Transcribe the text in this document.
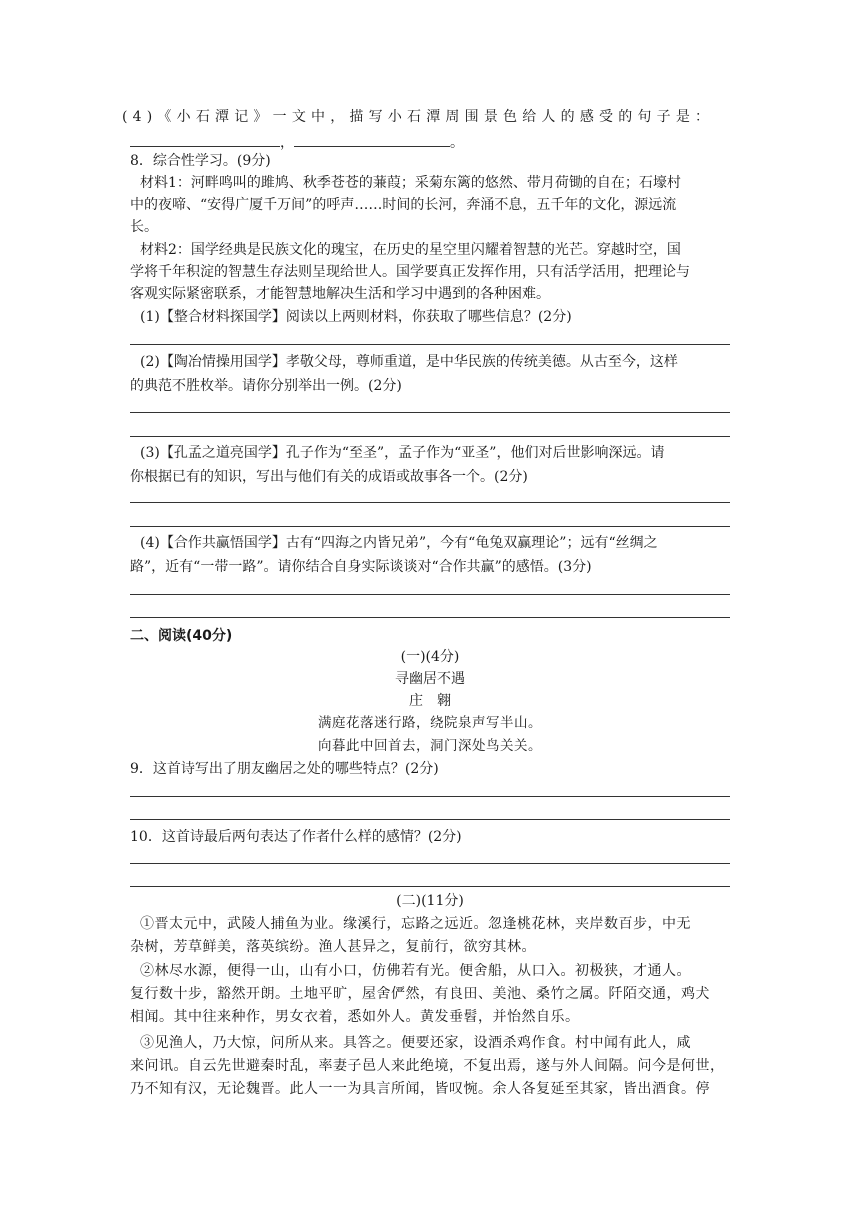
(4)《小石潭记》一文中，描写小石潭周围景色给人的感受的句子是：
，	。
8．综合性学习。(9分)
材料1：河畔鸣叫的雎鸠、秋季苍苍的蒹葭；采菊东篱的悠然、带月荷锄的自在；石壕村
中的夜啼、“安得广厦千万间”的呼声……时间的长河，奔涌不息，五千年的文化，源远流
长。
材料2：国学经典是民族文化的瑰宝，在历史的星空里闪耀着智慧的光芒。穿越时空，国
学将千年积淀的智慧生存法则呈现给世人。国学要真正发挥作用，只有活学活用，把理论与
客观实际紧密联系，才能智慧地解决生活和学习中遇到的各种困难。
(1)【整合材料探国学】阅读以上两则材料，你获取了哪些信息？(2分)
(2)【陶冶情操用国学】孝敬父母，尊师重道，是中华民族的传统美德。从古至今，这样
的典范不胜枚举。请你分别举出一例。(2分)
(3)【孔孟之道亮国学】孔子作为“至圣”，孟子作为“亚圣”，他们对后世影响深远。请
你根据已有的知识，写出与他们有关的成语或故事各一个。(2分)
(4)【合作共赢悟国学】古有“四海之内皆兄弟”，今有“龟兔双赢理论”；远有“丝绸之
路”，近有“一带一路”。请你结合自身实际谈谈对“合作共赢”的感悟。(3分)
二、阅读(40分)
(一)(4分)
寻幽居不遇
庄　翱
满庭花落迷行路，绕院泉声写半山。
向暮此中回首去，洞门深处鸟关关。
9．这首诗写出了朋友幽居之处的哪些特点？(2分)
10．这首诗最后两句表达了作者什么样的感情？(2分)
(二)(11分)
①晋太元中，武陵人捕鱼为业。缘溪行，忘路之远近。忽逢桃花林，夹岸数百步，中无
杂树，芳草鲜美，落英缤纷。渔人甚异之，复前行，欲穷其林。
②林尽水源，便得一山，山有小口，仿佛若有光。便舍船，从口入。初极狭，才通人。
复行数十步，豁然开朗。土地平旷，屋舍俨然，有良田、美池、桑竹之属。阡陌交通，鸡犬
相闻。其中往来种作，男女衣着，悉如外人。黄发垂髫，并怡然自乐。
③见渔人，乃大惊，问所从来。具答之。便要还家，设酒杀鸡作食。村中闻有此人，咸
来问讯。自云先世避秦时乱，率妻子邑人来此绝境，不复出焉，遂与外人间隔。问今是何世，
乃不知有汉，无论魏晋。此人一一为具言所闻，皆叹惋。余人各复延至其家，皆出酒食。停
